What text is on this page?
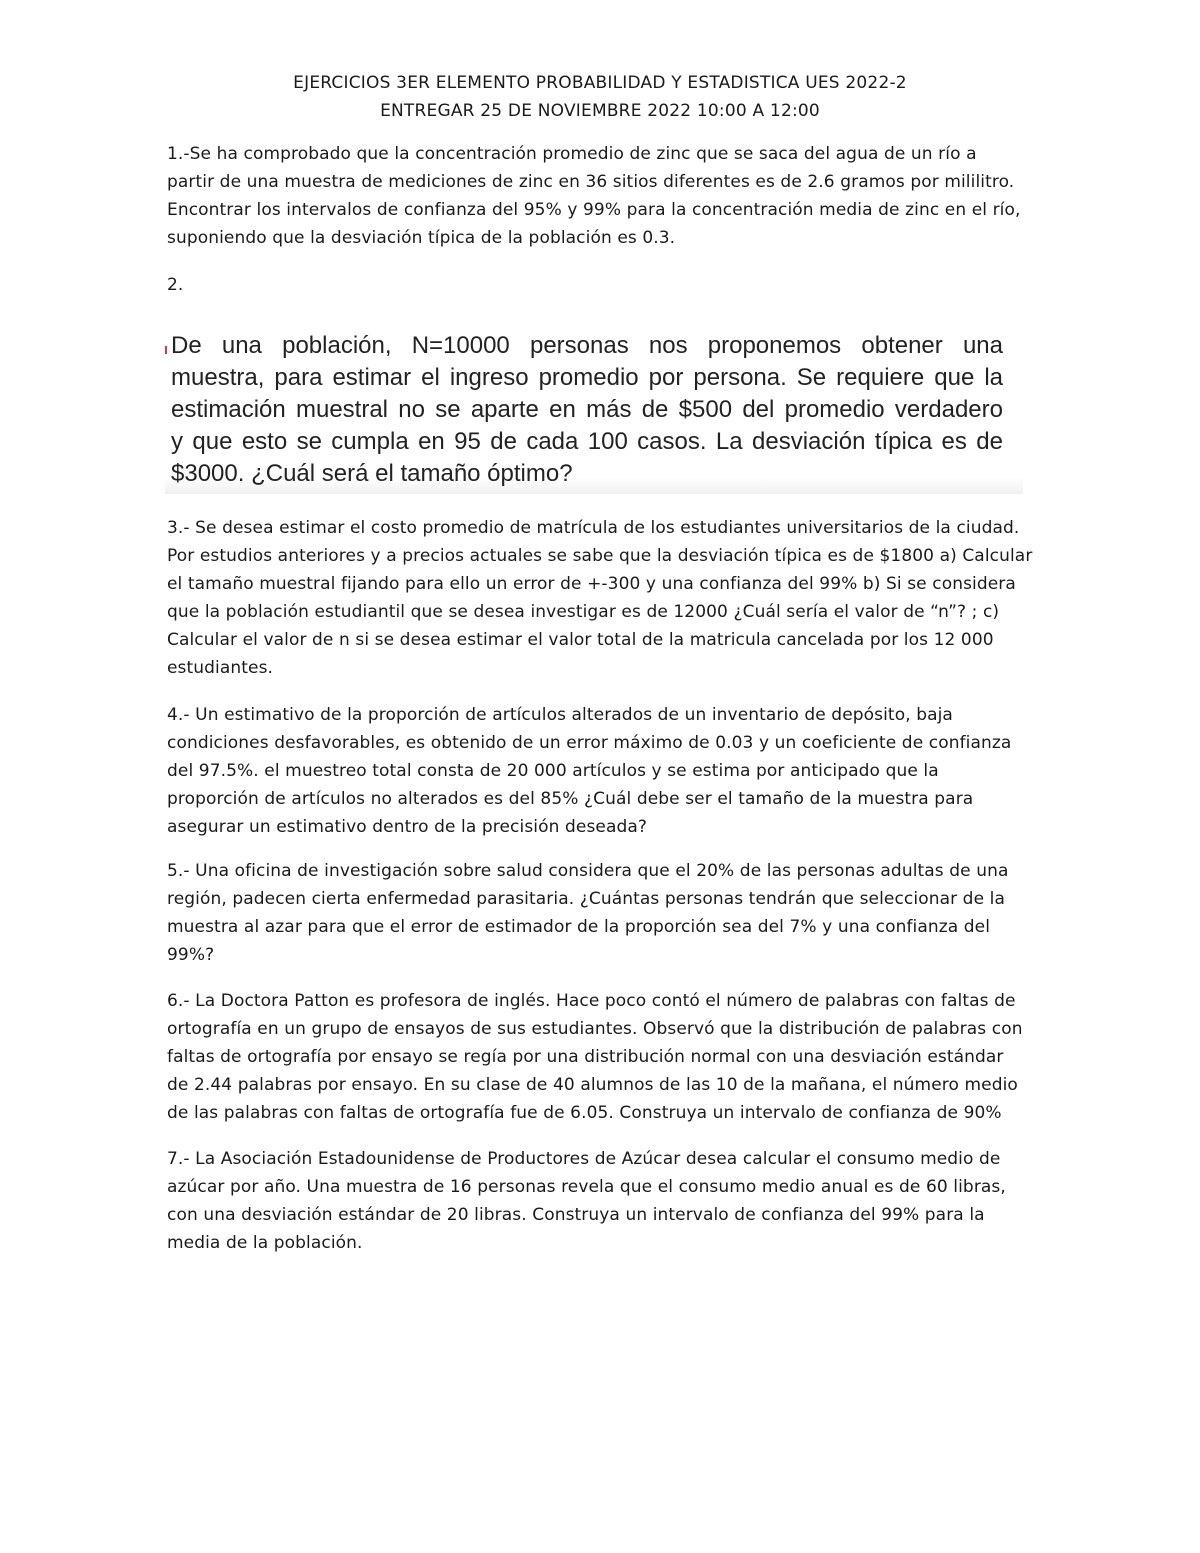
EJERCICIOS 3ER ELEMENTO PROBABILIDAD Y ESTADISTICA UES 2022-2
ENTREGAR 25 DE NOVIEMBRE 2022 10:00 A 12:00
1.-Se ha comprobado que la concentración promedio de zinc que se saca del agua de un río a
partir de una muestra de mediciones de zinc en 36 sitios diferentes es de 2.6 gramos por mililitro.
Encontrar los intervalos de confianza del 95% y 99% para la concentración media de zinc en el río,
suponiendo que la desviación típica de la población es 0.3.
2.
De una población, N=10000 personas nos proponemos obtener una
muestra, para estimar el ingreso promedio por persona. Se requiere que la
estimación muestral no se aparte en más de $500 del promedio verdadero
y que esto se cumpla en 95 de cada 100 casos. La desviación típica es de
$3000. ¿Cuál será el tamaño óptimo?
3.- Se desea estimar el costo promedio de matrícula de los estudiantes universitarios de la ciudad.
Por estudios anteriores y a precios actuales se sabe que la desviación típica es de $1800 a) Calcular
el tamaño muestral fijando para ello un error de +-300 y una confianza del 99% b) Si se considera
que la población estudiantil que se desea investigar es de 12000 ¿Cuál sería el valor de “n”? ; c)
Calcular el valor de n si se desea estimar el valor total de la matricula cancelada por los 12 000
estudiantes.
4.- Un estimativo de la proporción de artículos alterados de un inventario de depósito, baja
condiciones desfavorables, es obtenido de un error máximo de 0.03 y un coeficiente de confianza
del 97.5%. el muestreo total consta de 20 000 artículos y se estima por anticipado que la
proporción de artículos no alterados es del 85% ¿Cuál debe ser el tamaño de la muestra para
asegurar un estimativo dentro de la precisión deseada?
5.- Una oficina de investigación sobre salud considera que el 20% de las personas adultas de una
región, padecen cierta enfermedad parasitaria. ¿Cuántas personas tendrán que seleccionar de la
muestra al azar para que el error de estimador de la proporción sea del 7% y una confianza del
99%?
6.- La Doctora Patton es profesora de inglés. Hace poco contó el número de palabras con faltas de
ortografía en un grupo de ensayos de sus estudiantes. Observó que la distribución de palabras con
faltas de ortografía por ensayo se regía por una distribución normal con una desviación estándar
de 2.44 palabras por ensayo. En su clase de 40 alumnos de las 10 de la mañana, el número medio
de las palabras con faltas de ortografía fue de 6.05. Construya un intervalo de confianza de 90%
7.- La Asociación Estadounidense de Productores de Azúcar desea calcular el consumo medio de
azúcar por año. Una muestra de 16 personas revela que el consumo medio anual es de 60 libras,
con una desviación estándar de 20 libras. Construya un intervalo de confianza del 99% para la
media de la población.
